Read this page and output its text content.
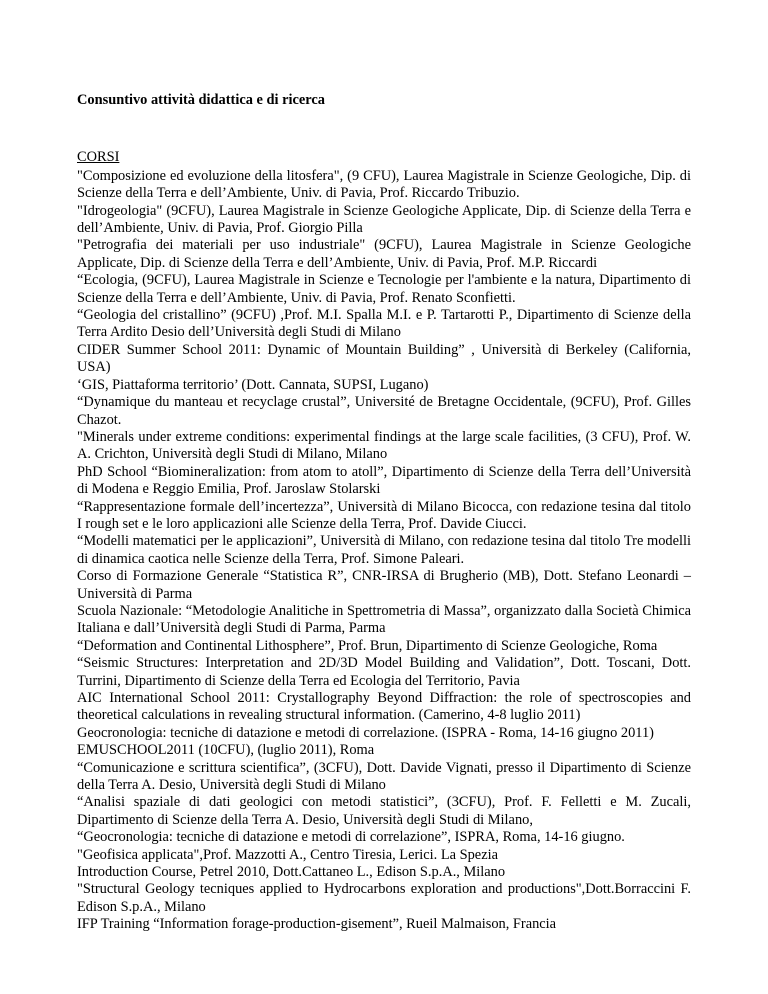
Consuntivo attività didattica e di ricerca

CORSI

"Composizione ed evoluzione della litosfera", (9 CFU), Laurea Magistrale in Scienze Geologiche, Dip. di Scienze della Terra e dell’Ambiente, Univ. di Pavia, Prof. Riccardo Tribuzio.

"Idrogeologia" (9CFU), Laurea Magistrale in Scienze Geologiche Applicate, Dip. di Scienze della Terra e dell’Ambiente, Univ. di Pavia, Prof. Giorgio Pilla

"Petrografia dei materiali per uso industriale" (9CFU), Laurea Magistrale in Scienze Geologiche Applicate, Dip. di Scienze della Terra e dell’Ambiente, Univ. di Pavia, Prof. M.P. Riccardi

“Ecologia, (9CFU), Laurea Magistrale in Scienze e Tecnologie per l'ambiente e la natura, Dipartimento di Scienze della Terra e dell’Ambiente, Univ. di Pavia, Prof. Renato Sconfietti.

“Geologia del cristallino” (9CFU) ,Prof. M.I. Spalla M.I. e P. Tartarotti P., Dipartimento di Scienze della Terra Ardito Desio dell’Università degli Studi di Milano

CIDER Summer School 2011: Dynamic of Mountain Building” , Università di Berkeley (California, USA)

‘GIS, Piattaforma territorio’ (Dott. Cannata, SUPSI, Lugano)

“Dynamique du manteau et recyclage crustal”, Université de Bretagne Occidentale, (9CFU), Prof. Gilles Chazot.

"Minerals under extreme conditions: experimental findings at the large scale facilities, (3 CFU), Prof. W. A. Crichton, Università degli Studi di Milano, Milano

PhD School “Biomineralization: from atom to atoll”, Dipartimento di Scienze della Terra dell’Università di Modena e Reggio Emilia, Prof. Jaroslaw Stolarski

“Rappresentazione formale dell’incertezza”, Università di Milano Bicocca, con redazione tesina dal titolo I rough set e le loro applicazioni alle Scienze della Terra, Prof. Davide Ciucci.

“Modelli matematici per le applicazioni”, Università di Milano, con redazione tesina dal titolo Tre modelli di dinamica caotica nelle Scienze della Terra, Prof. Simone Paleari.

Corso di Formazione Generale “Statistica R”, CNR-IRSA di Brugherio (MB), Dott. Stefano Leonardi – Università di Parma

Scuola Nazionale: “Metodologie Analitiche in Spettrometria di Massa”, organizzato dalla Società Chimica Italiana e dall’Università degli Studi di Parma, Parma

“Deformation and Continental Lithosphere”, Prof. Brun, Dipartimento di Scienze Geologiche, Roma

“Seismic Structures: Interpretation and 2D/3D Model Building and Validation”, Dott. Toscani, Dott. Turrini, Dipartimento di Scienze della Terra ed Ecologia del Territorio, Pavia

AIC International School 2011: Crystallography Beyond Diffraction: the role of spectroscopies and theoretical calculations in revealing structural information. (Camerino, 4-8 luglio 2011)

Geocronologia: tecniche di datazione e metodi di correlazione. (ISPRA - Roma, 14-16 giugno 2011)

EMUSCHOOL2011 (10CFU), (luglio 2011), Roma

“Comunicazione e scrittura scientifica”, (3CFU), Dott. Davide Vignati, presso il Dipartimento di Scienze della Terra A. Desio, Università degli Studi di Milano

“Analisi spaziale di dati geologici con metodi statistici”, (3CFU), Prof. F. Felletti e M. Zucali, Dipartimento di Scienze della Terra A. Desio, Università degli Studi di Milano,

“Geocronologia: tecniche di datazione e metodi di correlazione”, ISPRA, Roma, 14-16 giugno.

"Geofisica applicata",Prof. Mazzotti A., Centro Tiresia, Lerici. La Spezia

Introduction Course, Petrel 2010, Dott.Cattaneo L., Edison S.p.A., Milano

"Structural Geology tecniques applied to Hydrocarbons exploration and productions",Dott.Borraccini F. Edison S.p.A., Milano

IFP Training “Information forage-production-gisement”, Rueil Malmaison, Francia
